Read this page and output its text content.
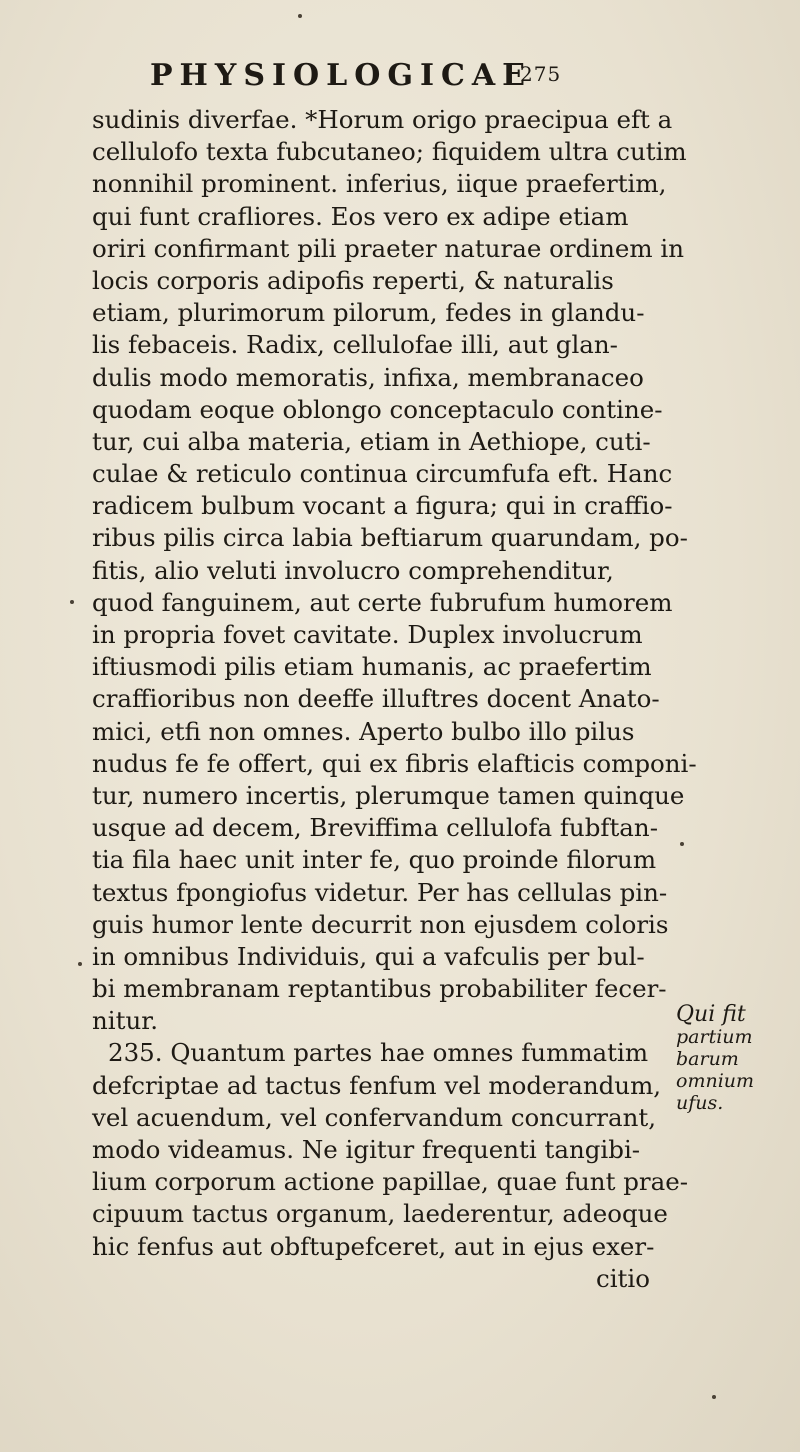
PHYSIOLOGICAE
275
sudinis diverfae. *Horum origo praecipua eft a
cellulofo texta fubcutaneo; fiquidem ultra cutim
nonnihil prominent. inferius, iique praefertim,
qui funt crafliores. Eos vero ex adipe etiam
oriri confirmant pili praeter naturae ordinem in
locis corporis adipofis reperti, & naturalis
etiam, plurimorum pilorum, fedes in glandu-
lis febaceis. Radix, cellulofae illi, aut glan-
dulis modo memoratis, infixa, membranaceo
quodam eoque oblongo conceptaculo contine-
tur, cui alba materia, etiam in Aethiope, cuti-
culae & reticulo continua circumfufa eft. Hanc
radicem bulbum vocant a figura; qui in craffio-
ribus pilis circa labia beftiarum quarundam, po-
fitis, alio veluti involucro comprehenditur,
quod fanguinem, aut certe fubrufum humorem
in propria fovet cavitate. Duplex involucrum
iftiusmodi pilis etiam humanis, ac praefertim
craffioribus non deeffe illuftres docent Anato-
mici, etfi non omnes. Aperto bulbo illo pilus
nudus fe fe offert, qui ex fibris elafticis componi-
tur, numero incertis, plerumque tamen quinque
usque ad decem, Breviffima cellulofa fubftan-
tia fila haec unit inter fe, quo proinde filorum
textus fpongiofus videtur. Per has cellulas pin-
guis humor lente decurrit non ejusdem coloris
in omnibus Individuis, qui a vafculis per bul-
bi membranam reptantibus probabiliter fecer-
nitur.
235. Quantum partes hae omnes fummatim
defcriptae ad tactus fenfum vel moderandum,
vel acuendum, vel confervandum concurrant,
modo videamus. Ne igitur frequenti tangibi-
lium corporum actione papillae, quae funt prae-
cipuum tactus organum, laederentur, adeoque
hic fenfus aut obftupefceret, aut in ejus exer-
citio
Qui fit
partium
barum
omnium
ufus.
